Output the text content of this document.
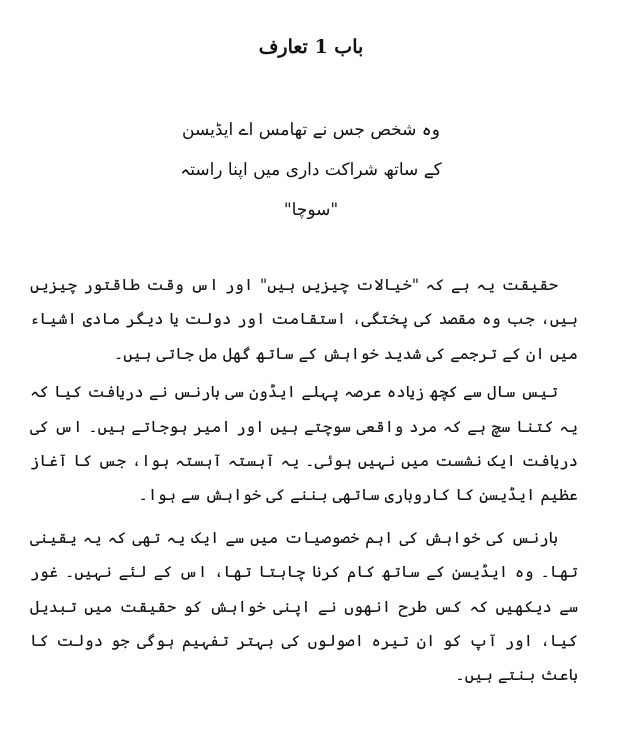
باب 1 تعارف
وہ شخص جس نے تھامس اے ایڈیسن
کے ساتھ شراکت داری میں اپنا راستہ
"سوچا"

حقیقت یہ ہے کہ "خیالات چیزیں ہیں" اور اس وقت طاقتور چیزیں ہیں، جب وہ مقصد کی پختگی، استقامت اور دولت یا دیگر مادی اشیاء میں ان کے ترجمے کی شدید خواہش کے ساتھ گھل مل جاتی ہیں۔

تیس سال سے کچھ زیادہ عرصہ پہلے ایڈون سی بارنس نے دریافت کیا کہ یہ کتنا سچ ہے کہ مرد واقعی سوچتے ہیں اور امیر ہوجاتے ہیں۔ اس کی دریافت ایک نشست میں نہیں ہوئی۔ یہ آہستہ آہستہ ہوا، جس کا آغاز عظیم ایڈیسن کا کاروباری ساتھی بننے کی خواہش سے ہوا۔

بارنس کی خواہش کی اہم خصوصیات میں سے ایک یہ تھی کہ یہ یقینی تھا۔ وہ ایڈیسن کے ساتھ کام کرنا چاہتا تھا، اس کے لئے نہیں۔ غور سے دیکھیں کہ کس طرح انھوں نے اپنی خواہش کو حقیقت میں تبدیل کیا، اور آپ کو ان تیرہ اصولوں کی بہتر تفہیم ہوگی جو دولت کا باعث بنتے ہیں۔
